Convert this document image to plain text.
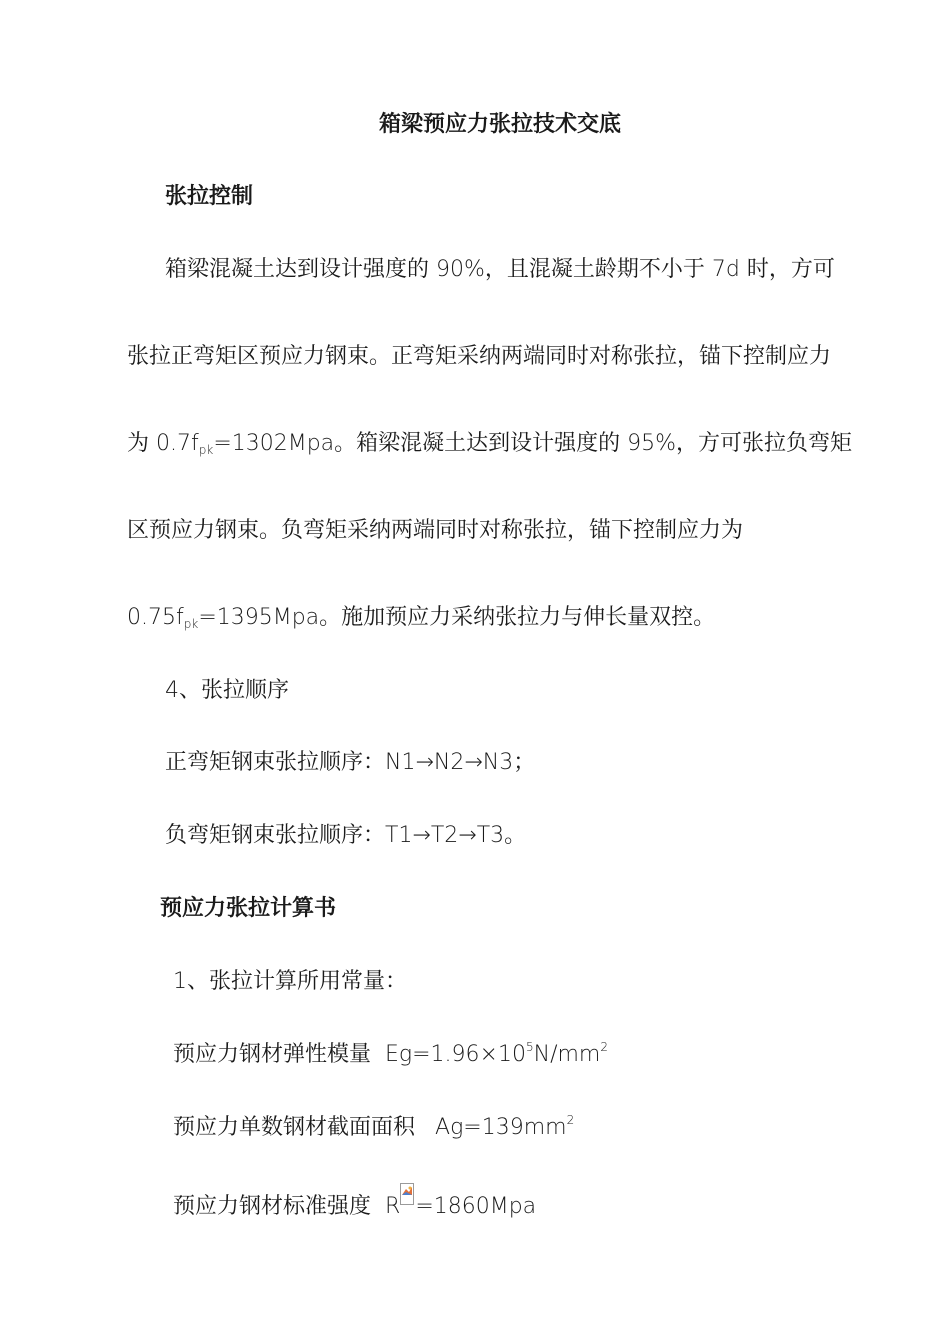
箱梁预应力张拉技术交底
张拉控制
箱梁混凝土达到设计强度的 90%，且混凝土龄期不小于 7d 时，方可
张拉正弯矩区预应力钢束。正弯矩采纳两端同时对称张拉，锚下控制应力
为 $0.7f_{pk}=1302Mpa$。箱梁混凝土达到设计强度的 95%，方可张拉负弯矩
区预应力钢束。负弯矩采纳两端同时对称张拉，锚下控制应力为
$0.75f_{pk}=1395Mpa$。施加预应力采纳张拉力与伸长量双控。
4、张拉顺序
正弯矩钢束张拉顺序：N1→N2→N3；
负弯矩钢束张拉顺序：T1→T2→T3。
预应力张拉计算书
1、张拉计算所用常量：
预应力钢材弹性模量 $Eg=1.96\times 10^5N/mm^2$
预应力单数钢材截面面积 $Ag=139mm^2$
预应力钢材标准强度 R =1860Mpa
